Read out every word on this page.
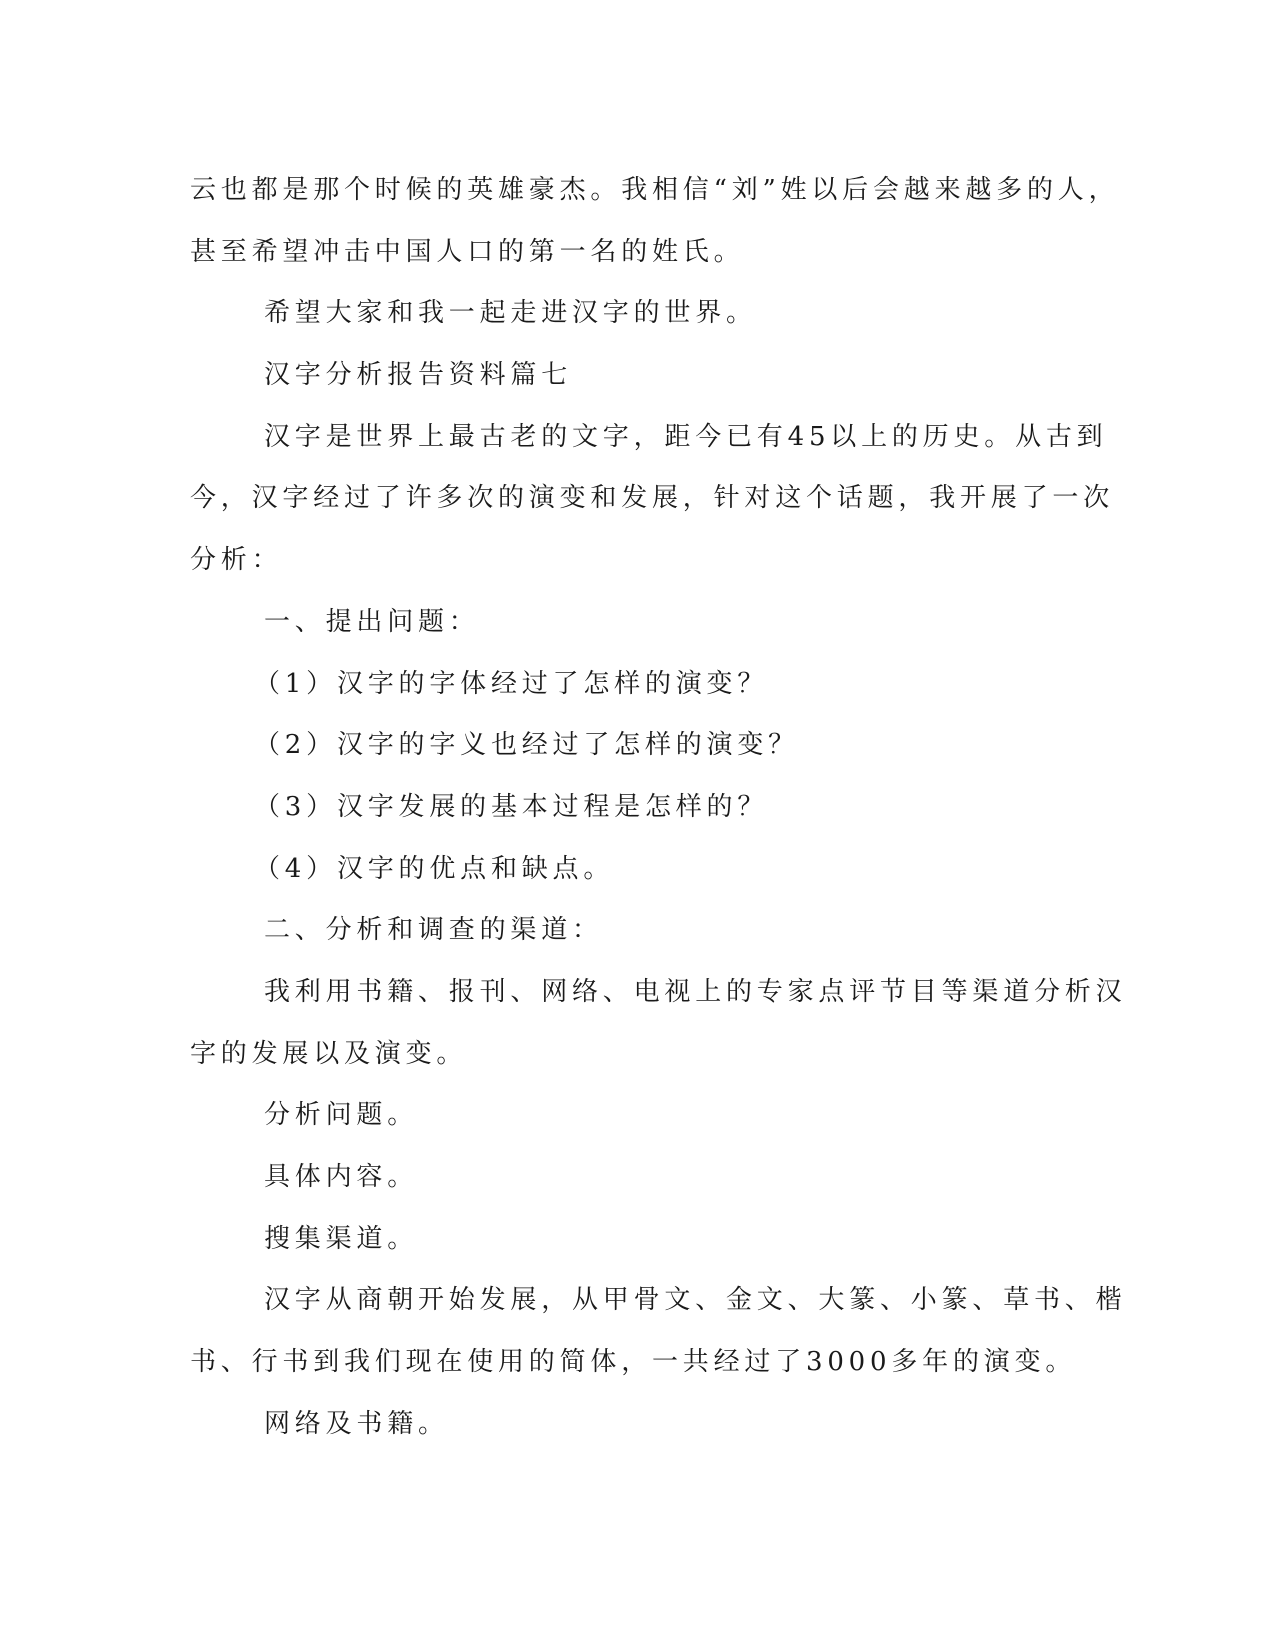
云也都是那个时候的英雄豪杰。我相信“刘”姓以后会越来越多的人，
甚至希望冲击中国人口的第一名的姓氏。
希望大家和我一起走进汉字的世界。
汉字分析报告资料篇七
汉字是世界上最古老的文字，距今已有45以上的历史。从古到
今，汉字经过了许多次的演变和发展，针对这个话题，我开展了一次
分析：
一、提出问题：
（1）汉字的字体经过了怎样的演变？
（2）汉字的字义也经过了怎样的演变？
（3）汉字发展的基本过程是怎样的？
（4）汉字的优点和缺点。
二、分析和调查的渠道：
我利用书籍、报刊、网络、电视上的专家点评节目等渠道分析汉
字的发展以及演变。
分析问题。
具体内容。
搜集渠道。
汉字从商朝开始发展，从甲骨文、金文、大篆、小篆、草书、楷
书、行书到我们现在使用的简体，一共经过了3000多年的演变。
网络及书籍。
